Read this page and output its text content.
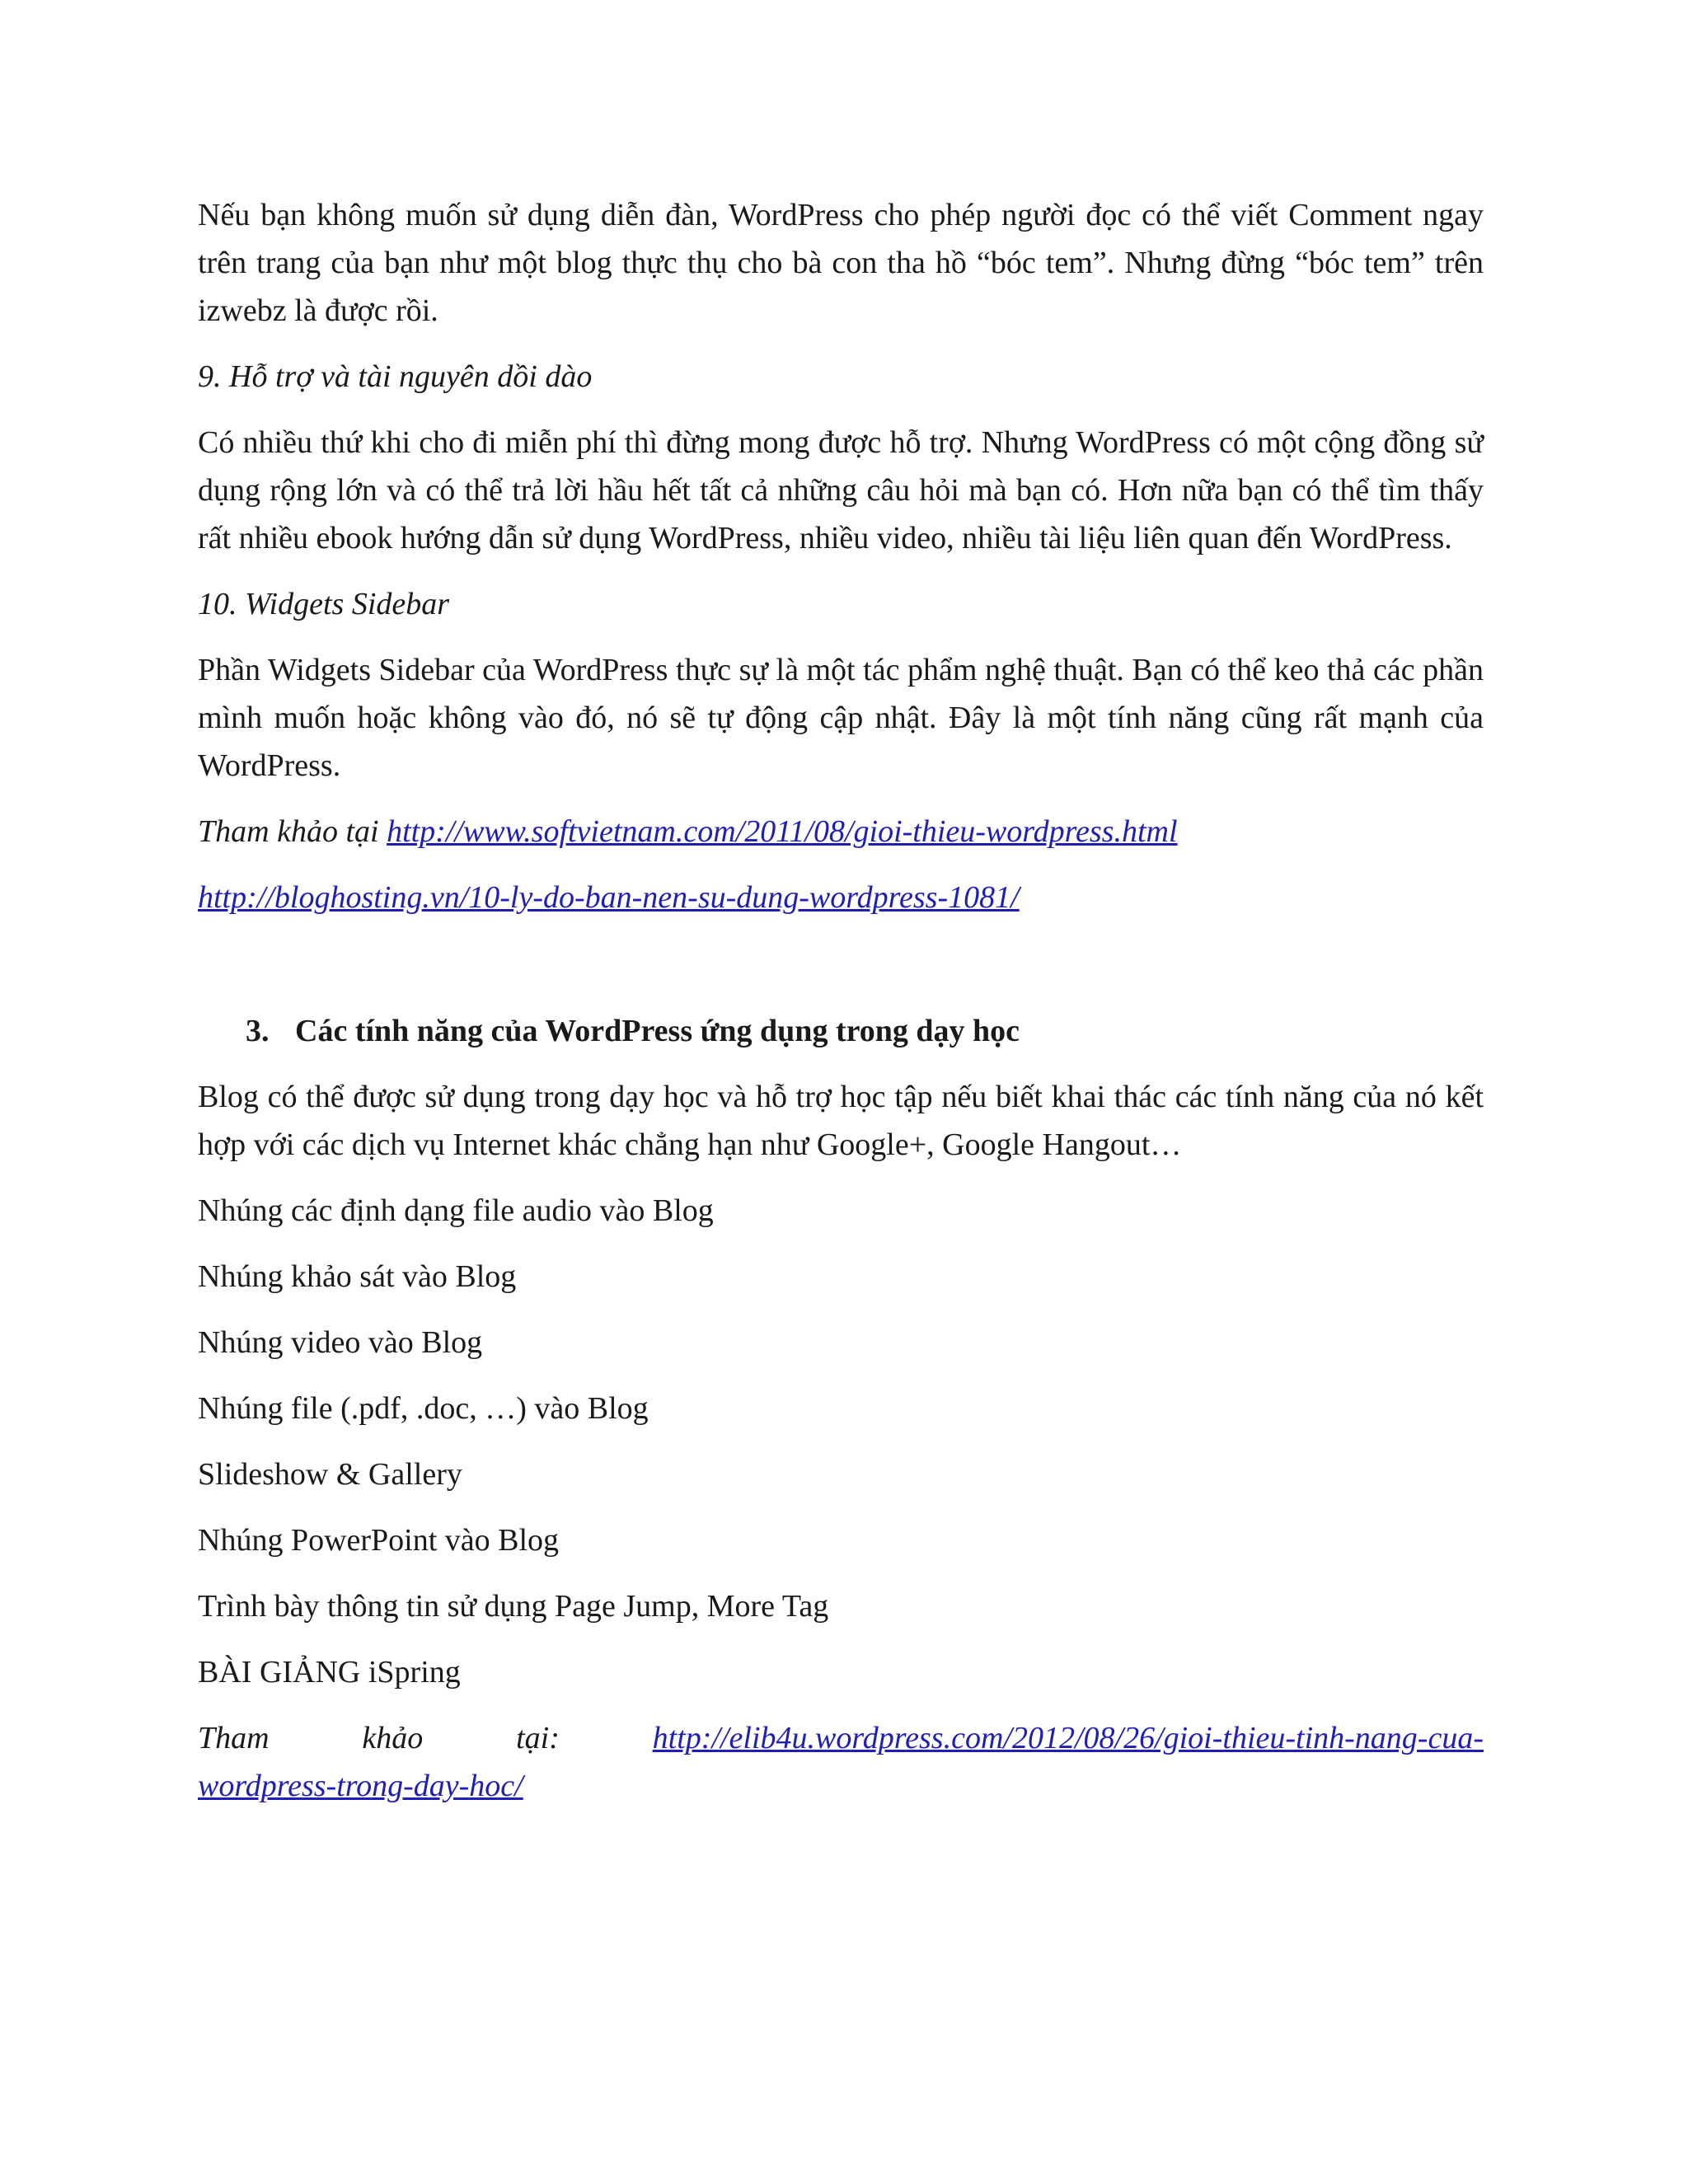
Nếu bạn không muốn sử dụng diễn đàn, WordPress cho phép người đọc có thể viết Comment ngay trên trang của bạn như một blog thực thụ cho bà con tha hồ “bóc tem”. Nhưng đừng “bóc tem” trên izwebz là được rồi.

9. Hỗ trợ và tài nguyên dồi dào

Có nhiều thứ khi cho đi miễn phí thì đừng mong được hỗ trợ. Nhưng WordPress có một cộng đồng sử dụng rộng lớn và có thể trả lời hầu hết tất cả những câu hỏi mà bạn có. Hơn nữa bạn có thể tìm thấy rất nhiều ebook hướng dẫn sử dụng WordPress, nhiều video, nhiều tài liệu liên quan đến WordPress.

10. Widgets Sidebar

Phần Widgets Sidebar của WordPress thực sự là một tác phẩm nghệ thuật. Bạn có thể keo thả các phần mình muốn hoặc không vào đó, nó sẽ tự động cập nhật. Đây là một tính năng cũng rất mạnh của WordPress.

Tham khảo tại http://www.softvietnam.com/2011/08/gioi-thieu-wordpress.html

http://bloghosting.vn/10-ly-do-ban-nen-su-dung-wordpress-1081/

3. Các tính năng của WordPress ứng dụng trong dạy học

Blog có thể được sử dụng trong dạy học và hỗ trợ học tập nếu biết khai thác các tính năng của nó kết hợp với các dịch vụ Internet khác chẳng hạn như Google+, Google Hangout…

Nhúng các định dạng file audio vào Blog

Nhúng khảo sát vào Blog

Nhúng video vào Blog

Nhúng file (.pdf, .doc, …) vào Blog

Slideshow & Gallery

Nhúng PowerPoint vào Blog

Trình bày thông tin sử dụng Page Jump, More Tag

BÀI GIẢNG iSpring

Tham	khảo	tại:	http://elib4u.wordpress.com/2012/08/26/gioi-thieu-tinh-nang-cua-
wordpress-trong-day-hoc/
